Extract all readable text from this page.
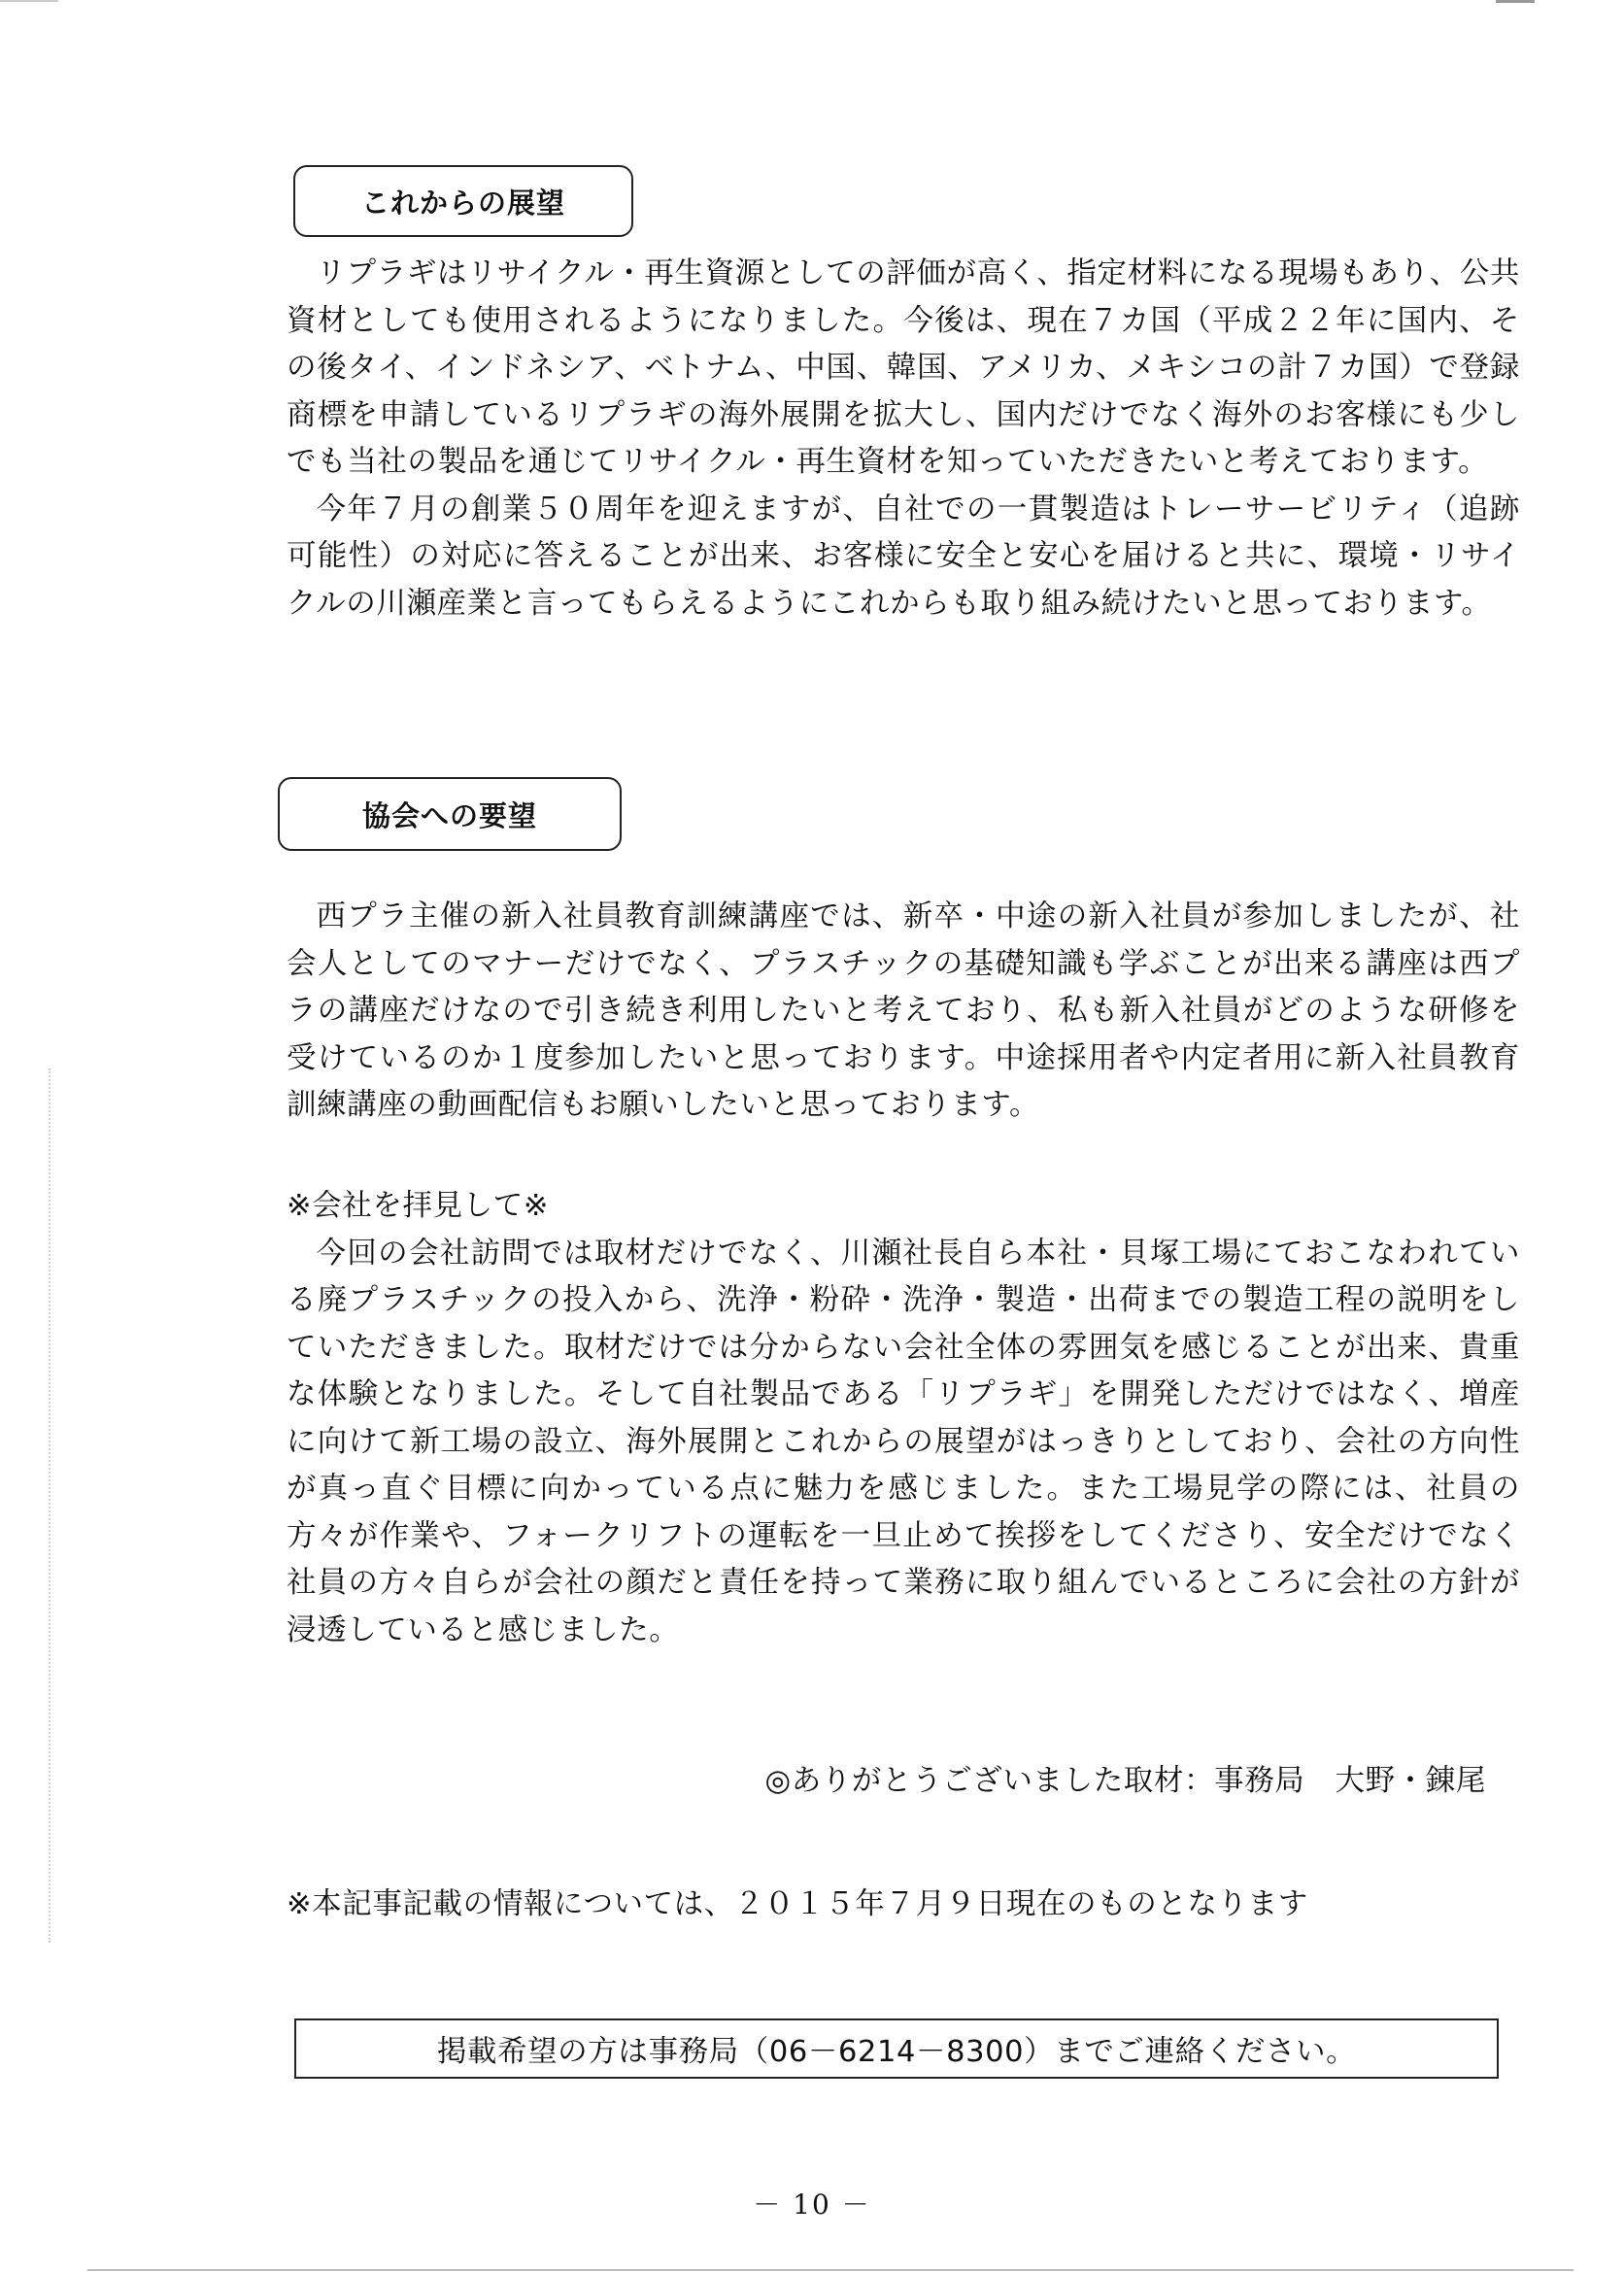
これからの展望

リプラギはリサイクル・再生資源としての評価が高く、指定材料になる現場もあり、公共資材としても使用されるようになりました。今後は、現在７カ国（平成２２年に国内、その後タイ、インドネシア、ベトナム、中国、韓国、アメリカ、メキシコの計７カ国）で登録商標を申請しているリプラギの海外展開を拡大し、国内だけでなく海外のお客様にも少しでも当社の製品を通じてリサイクル・再生資材を知っていただきたいと考えております。

今年７月の創業５０周年を迎えますが、自社での一貫製造はトレーサービリティ（追跡可能性）の対応に答えることが出来、お客様に安全と安心を届けると共に、環境・リサイクルの川瀬産業と言ってもらえるようにこれからも取り組み続けたいと思っております。

協会への要望

西プラ主催の新入社員教育訓練講座では、新卒・中途の新入社員が参加しましたが、社会人としてのマナーだけでなく、プラスチックの基礎知識も学ぶことが出来る講座は西プラの講座だけなので引き続き利用したいと考えており、私も新入社員がどのような研修を受けているのか１度参加したいと思っております。中途採用者や内定者用に新入社員教育訓練講座の動画配信もお願いしたいと思っております。

※会社を拝見して※

今回の会社訪問では取材だけでなく、川瀬社長自ら本社・貝塚工場にておこなわれている廃プラスチックの投入から、洗浄・粉砕・洗浄・製造・出荷までの製造工程の説明をしていただきました。取材だけでは分からない会社全体の雰囲気を感じることが出来、貴重な体験となりました。そして自社製品である「リプラギ」を開発しただけではなく、増産に向けて新工場の設立、海外展開とこれからの展望がはっきりとしており、会社の方向性が真っ直ぐ目標に向かっている点に魅力を感じました。また工場見学の際には、社員の方々が作業や、フォークリフトの運転を一旦止めて挨拶をしてくださり、安全だけでなく社員の方々自らが会社の顔だと責任を持って業務に取り組んでいるところに会社の方針が浸透していると感じました。

◎ありがとうございました取材：事務局　大野・錬尾
※本記事記載の情報については、２０１５年７月９日現在のものとなります
掲載希望の方は事務局（06－6214－8300）までご連絡ください。
－ 10 －
